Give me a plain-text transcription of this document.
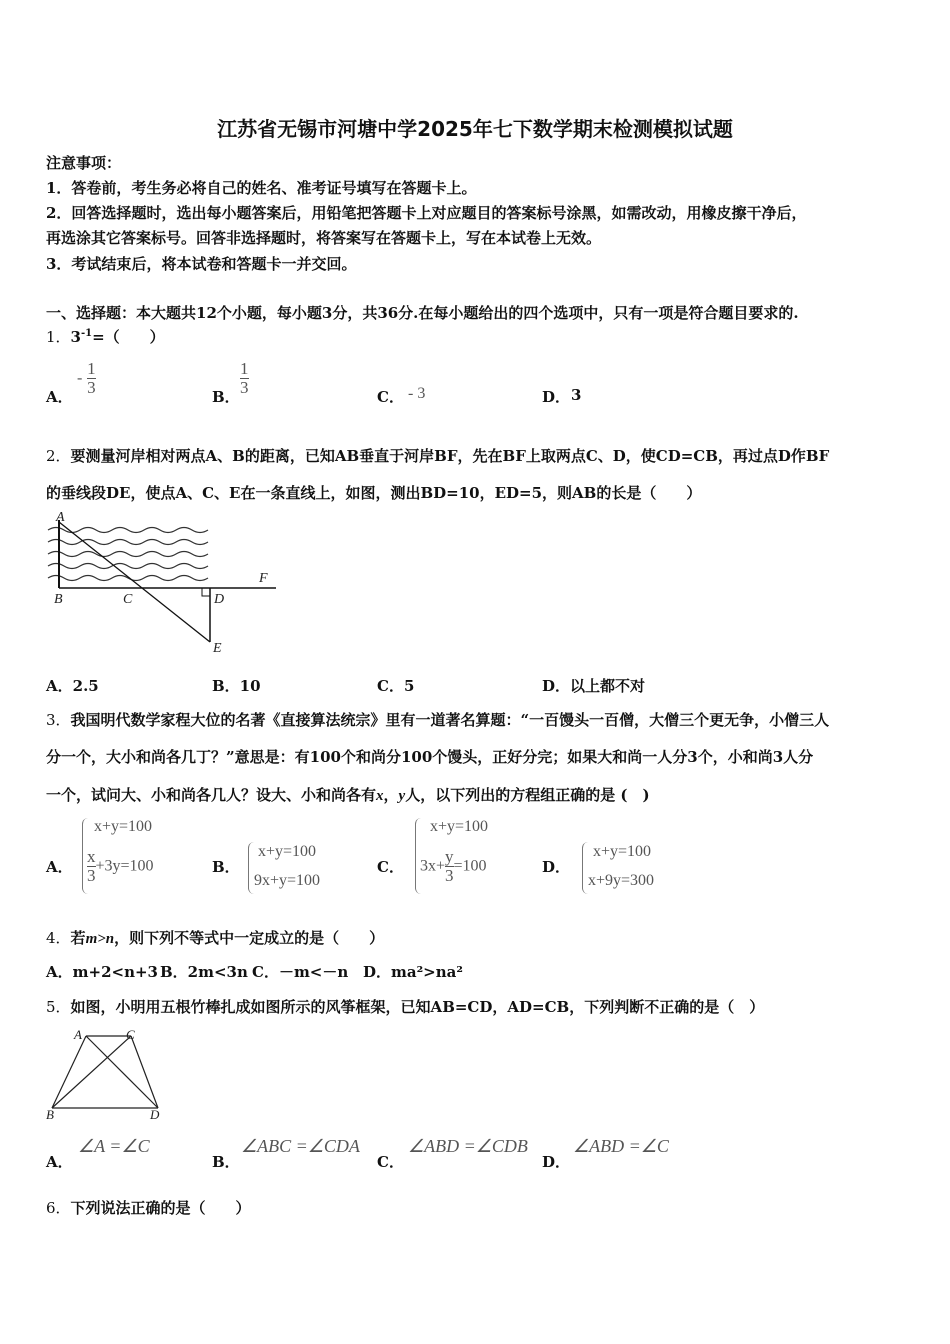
江苏省无锡市河塘中学2025年七下数学期末检测模拟试题
注意事项：
1．答卷前，考生务必将自己的姓名、准考证号填写在答题卡上。
2．回答选择题时，选出每小题答案后，用铅笔把答题卡上对应题目的答案标号涂黑，如需改动，用橡皮擦干净后，
再选涂其它答案标号。回答非选择题时，将答案写在答题卡上，写在本试卷上无效。
3．考试结束后，将本试卷和答题卡一并交回。
一、选择题：本大题共12个小题，每小题3分，共36分.在每小题给出的四个选项中，只有一项是符合题目要求的.
1．$3^{-1}=$（　　）
A．
- $\frac{1}{3}$	B． $\frac{1}{3}$	C． - 3	D． 3
2．要测量河岸相对两点A、B的距离，已知AB垂直于河岸BF，先在BF上取两点C、D，使CD=CB，再过点D作BF
的垂线段DE，使点A、C、E在一条直线上，如图，测出BD=10，ED=5，则AB的长是（　　）
A
B	C	D
E
F
A．2.5	B．10	C．5	D．以上都不对
3．我国明代数学家程大位的名著《直接算法统宗》里有一道著名算题：“一百馒头一百僧，大僧三个更无争，小僧三人
分一个，大小和尚各几丁？”意思是：有100个和尚分100个馒头，正好分完；如果大和尚一人分3个，小和尚3人分
一个，试问大、小和尚各几人？设大、小和尚各有x，y人，以下列出的方程组正确的是 (　)
A．
x+y=100
$\frac{x}{3} +3y=100$	B．
x+y=100
9x+y=100
C．
x+y=100
$3x+ \frac{y}{3} =100$	D．
x+y=100
x+9y=300
4．若m>n，则下列不等式中一定成立的是（　　）
A．m+2<n+3 B．2m<3n C．－m<－n D．ma²>na²
5．如图，小明用五根竹棒扎成如图所示的风筝框架，已知AB=CD，AD=CB，下列判断不正确的是（　）
A
B
C
D
A．
∠A =∠C
B．
∠ABC =∠CDA
C．
∠ABD =∠CDB
D．
∠ABD =∠C
6．下列说法正确的是（　　）
